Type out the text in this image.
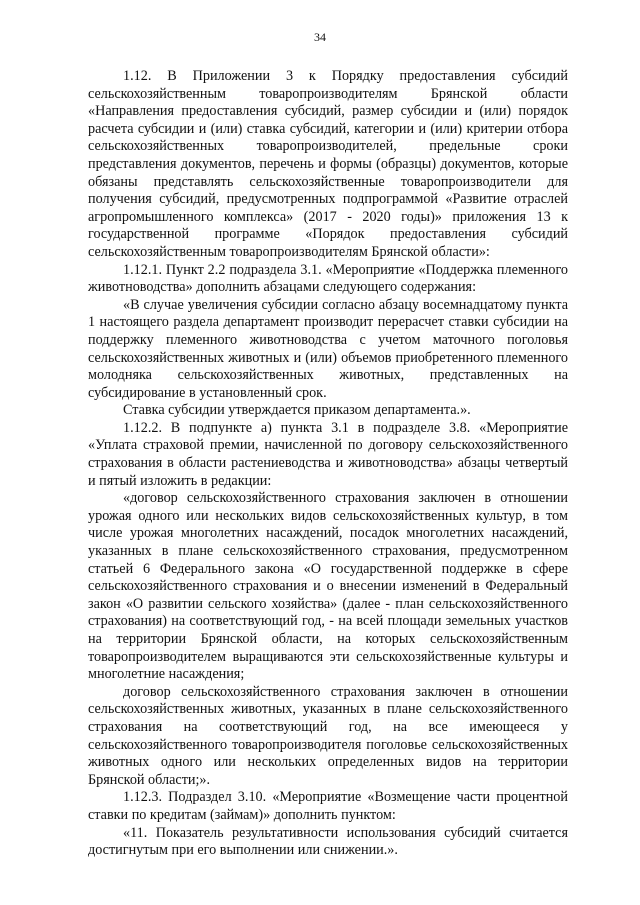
34

1.12. В Приложении 3 к Порядку предоставления субсидий сельскохозяйственным товаропроизводителям Брянской области «Направления предоставления субсидий, размер субсидии и (или) порядок расчета субсидии и (или) ставка субсидий, категории и (или) критерии отбора сельскохозяйственных товаропроизводителей, предельные сроки представления документов, перечень и формы (образцы) документов, которые обязаны представлять сельскохозяйственные товаропроизводители для получения субсидий, предусмотренных подпрограммой «Развитие отраслей агропромышленного комплекса» (2017 - 2020 годы)» приложения 13 к государственной программе «Порядок предоставления субсидий сельскохозяйственным товаропроизводителям Брянской области»:

1.12.1. Пункт 2.2 подраздела 3.1. «Мероприятие «Поддержка племенного животноводства» дополнить абзацами следующего содержания:

«В случае увеличения субсидии согласно абзацу восемнадцатому пункта 1 настоящего раздела департамент производит перерасчет ставки субсидии на поддержку племенного животноводства с учетом маточного поголовья сельскохозяйственных животных и (или) объемов приобретенного племенного молодняка сельскохозяйственных животных, представленных на субсидирование в установленный срок.

Ставка субсидии утверждается приказом департамента.».

1.12.2. В подпункте а) пункта 3.1 в подразделе 3.8. «Мероприятие «Уплата страховой премии, начисленной по договору сельскохозяйственного страхования в области растениеводства и животноводства» абзацы четвертый и пятый изложить в редакции:

«договор сельскохозяйственного страхования заключен в отношении урожая одного или нескольких видов сельскохозяйственных культур, в том числе урожая многолетних насаждений, посадок многолетних насаждений, указанных в плане сельскохозяйственного страхования, предусмотренном статьей 6 Федерального закона «О государственной поддержке в сфере сельскохозяйственного страхования и о внесении изменений в Федеральный закон «О развитии сельского хозяйства» (далее - план сельскохозяйственного страхования) на соответствующий год, - на всей площади земельных участков на территории Брянской области, на которых сельскохозяйственным товаропроизводителем выращиваются эти сельскохозяйственные культуры и многолетние насаждения;

договор сельскохозяйственного страхования заключен в отношении сельскохозяйственных животных, указанных в плане сельскохозяйственного страхования на соответствующий год, на все имеющееся у сельскохозяйственного товаропроизводителя поголовье сельскохозяйственных животных одного или нескольких определенных видов на территории Брянской области;».

1.12.3. Подраздел 3.10. «Мероприятие «Возмещение части процентной ставки по кредитам (займам)» дополнить пунктом:

«11. Показатель результативности использования субсидий считается достигнутым при его выполнении или снижении.».
